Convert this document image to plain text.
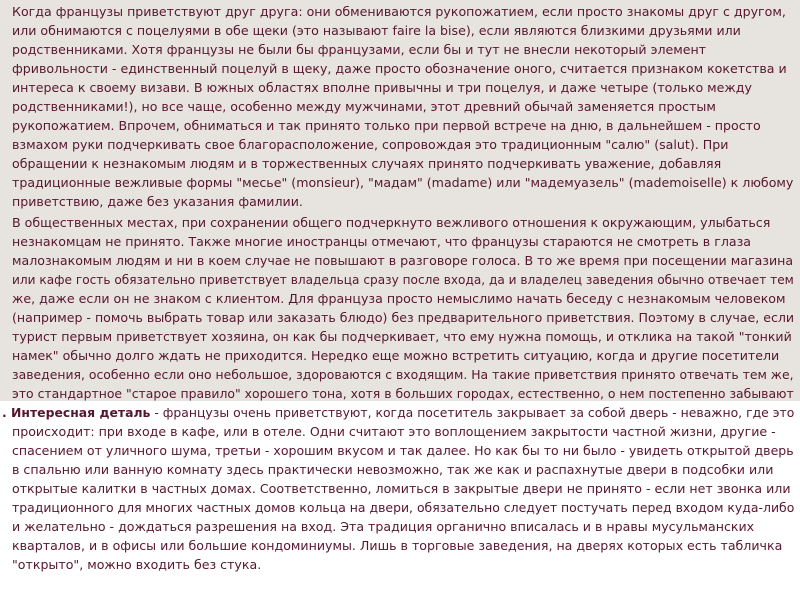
Когда французы приветствуют друг друга: они обмениваются рукопожатием, если просто знакомы друг с другом,
или обнимаются с поцелуями в обе щеки (это называют faire la bise), если являются близкими друзьями или
родственниками. Хотя французы не были бы французами, если бы и тут не внесли некоторый элемент
фривольности - единственный поцелуй в щеку, даже просто обозначение оного, считается признаком кокетства и
интереса к своему визави. В южных областях вполне привычны и три поцелуя, и даже четыре (только между
родственниками!), но все чаще, особенно между мужчинами, этот древний обычай заменяется простым
рукопожатием. Впрочем, обниматься и так принято только при первой встрече на дню, в дальнейшем - просто
взмахом руки подчеркивать свое благорасположение, сопровождая это традиционным "салю" (salut). При
обращении к незнакомым людям и в торжественных случаях принято подчеркивать уважение, добавляя
традиционные вежливые формы "месье" (monsieur), "мадам" (madame) или "мадемуазель" (mademoiselle) к любому
приветствию, даже без указания фамилии.
В общественных местах, при сохранении общего подчеркнуто вежливого отношения к окружающим, улыбаться
незнакомцам не принято. Также многие иностранцы отмечают, что французы стараются не смотреть в глаза
малознакомым людям и ни в коем случае не повышают в разговоре голоса. В то же время при посещении магазина
или кафе гость обязательно приветствует владельца сразу после входа, да и владелец заведения обычно отвечает тем
же, даже если он не знаком с клиентом. Для француза просто немыслимо начать беседу с незнакомым человеком
(например - помочь выбрать товар или заказать блюдо) без предварительного приветствия. Поэтому в случае, если
турист первым приветствует хозяина, он как бы подчеркивает, что ему нужна помощь, и отклика на такой "тонкий
намек" обычно долго ждать не приходится. Нередко еще можно встретить ситуацию, когда и другие посетители
заведения, особенно если оно небольшое, здороваются с входящим. На такие приветствия принято отвечать тем же,
это стандартное "старое правило" хорошего тона, хотя в больших городах, естественно, о нем постепенно забывают
. Интересная деталь - французы очень приветствуют, когда посетитель закрывает за собой дверь - неважно, где это
происходит: при входе в кафе, или в отеле. Одни считают это воплощением закрытости частной жизни, другие -
спасением от уличного шума, третьи - хорошим вкусом и так далее. Но как бы то ни было - увидеть открытой дверь
в спальню или ванную комнату здесь практически невозможно, так же как и распахнутые двери в подсобки или
открытые калитки в частных домах. Соответственно, ломиться в закрытые двери не принято - если нет звонка или
традиционного для многих частных домов кольца на двери, обязательно следует постучать перед входом куда-либо
и желательно - дождаться разрешения на вход. Эта традиция органично вписалась и в нравы мусульманских
кварталов, и в офисы или большие кондоминиумы. Лишь в торговые заведения, на дверях которых есть табличка
"открыто", можно входить без стука.
